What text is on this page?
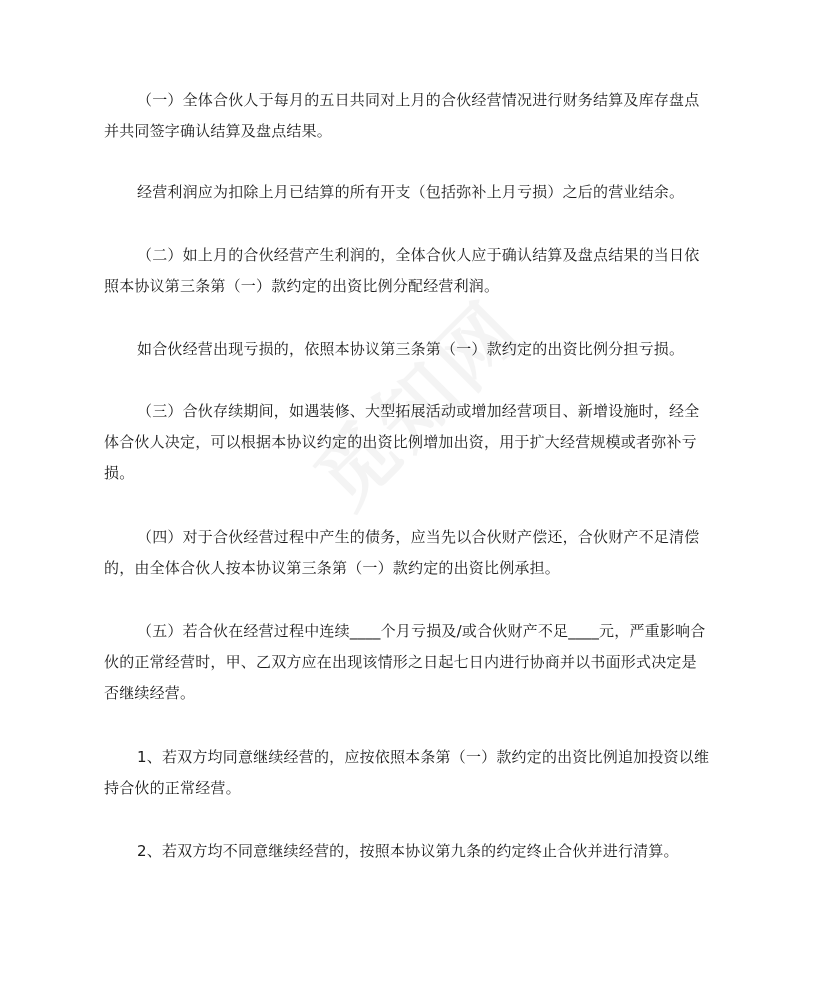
（一）全体合伙人于每月的五日共同对上月的合伙经营情况进行财务结算及库存盘点
并共同签字确认结算及盘点结果。

经营利润应为扣除上月已结算的所有开支（包括弥补上月亏损）之后的营业结余。

（二）如上月的合伙经营产生利润的，全体合伙人应于确认结算及盘点结果的当日依
照本协议第三条第（一）款约定的出资比例分配经营利润。

如合伙经营出现亏损的，依照本协议第三条第（一）款约定的出资比例分担亏损。

（三）合伙存续期间，如遇装修、大型拓展活动或增加经营项目、新增设施时，经全
体合伙人决定，可以根据本协议约定的出资比例增加出资，用于扩大经营规模或者弥补亏
损。

（四）对于合伙经营过程中产生的债务，应当先以合伙财产偿还，合伙财产不足清偿
的，由全体合伙人按本协议第三条第（一）款约定的出资比例承担。

（五）若合伙在经营过程中连续____个月亏损及/或合伙财产不足____元，严重影响合
伙的正常经营时，甲、乙双方应在出现该情形之日起七日内进行协商并以书面形式决定是
否继续经营。

1、若双方均同意继续经营的，应按依照本条第（一）款约定的出资比例追加投资以维
持合伙的正常经营。

2、若双方均不同意继续经营的，按照本协议第九条的约定终止合伙并进行清算。
